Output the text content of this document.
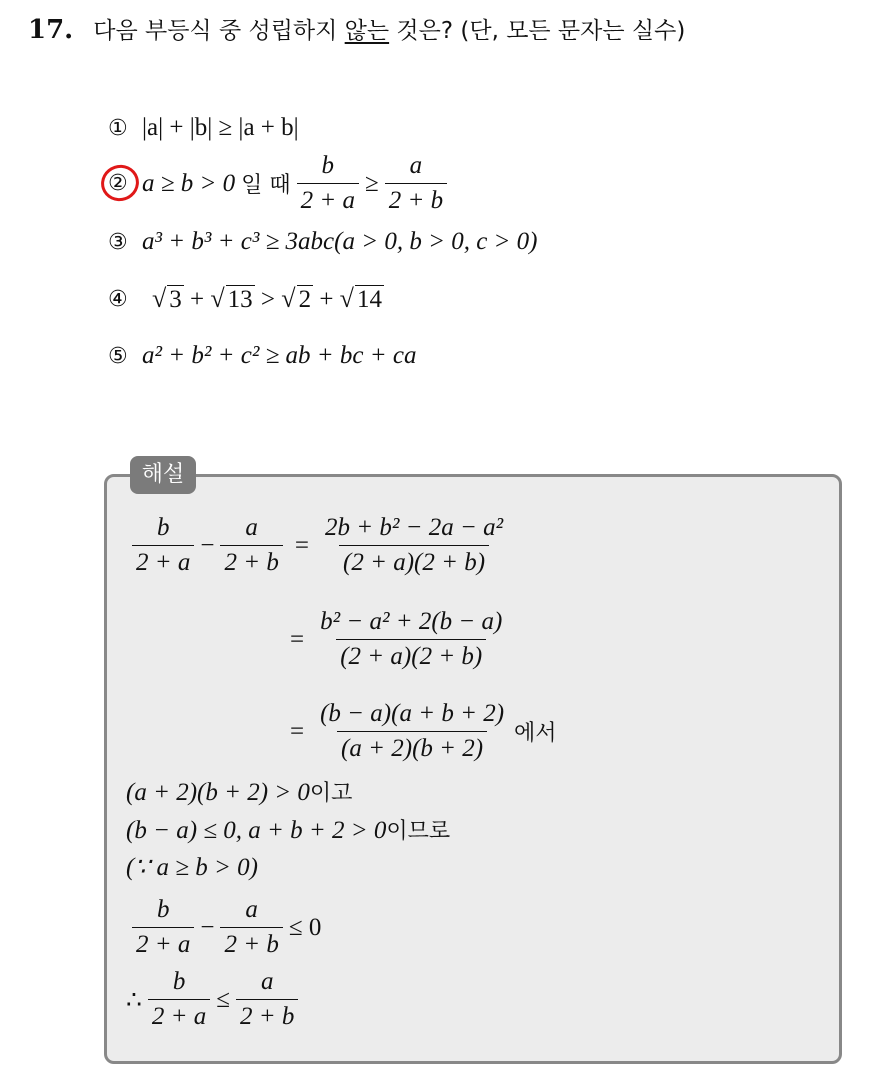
17. 다음 부등식 중 성립하지 않는 것은? (단, 모든 문자는 실수)
① |a| + |b| ≥ |a + b|
② a ≥ b > 0 일 때 $\frac{b}{2 + a} \ge \frac{a}{2 + b}$
③ a³ + b³ + c³ ≥ 3abc(a > 0, b > 0, c > 0)
④ √ 3 + √ 13 > √ 2 + √ 14
⑤ a² + b² + c² ≥ ab + bc + ca
해설
$\frac{b}{2 + a} - \frac{a}{2 + b} = \frac{\text{2b + b² − 2a − a²}}{(2 + a)(2 + b)}$
= $\frac{\text{b² − a² + 2(b − a)}}{(2 + a)(2 + b)}$
= $\frac{(b - a)(a + b + 2)}{(a + 2)(b + 2)}$ 에서
(a + 2)(b + 2) > 0이고
(b − a) ≤ 0, a + b + 2 > 0이므로
(∵ a ≥ b > 0)
$\frac{b}{2 + a} - \frac{a}{2 + b} \le 0$
∴ $\frac{b}{2 + a} \le \frac{a}{2 + b}$
